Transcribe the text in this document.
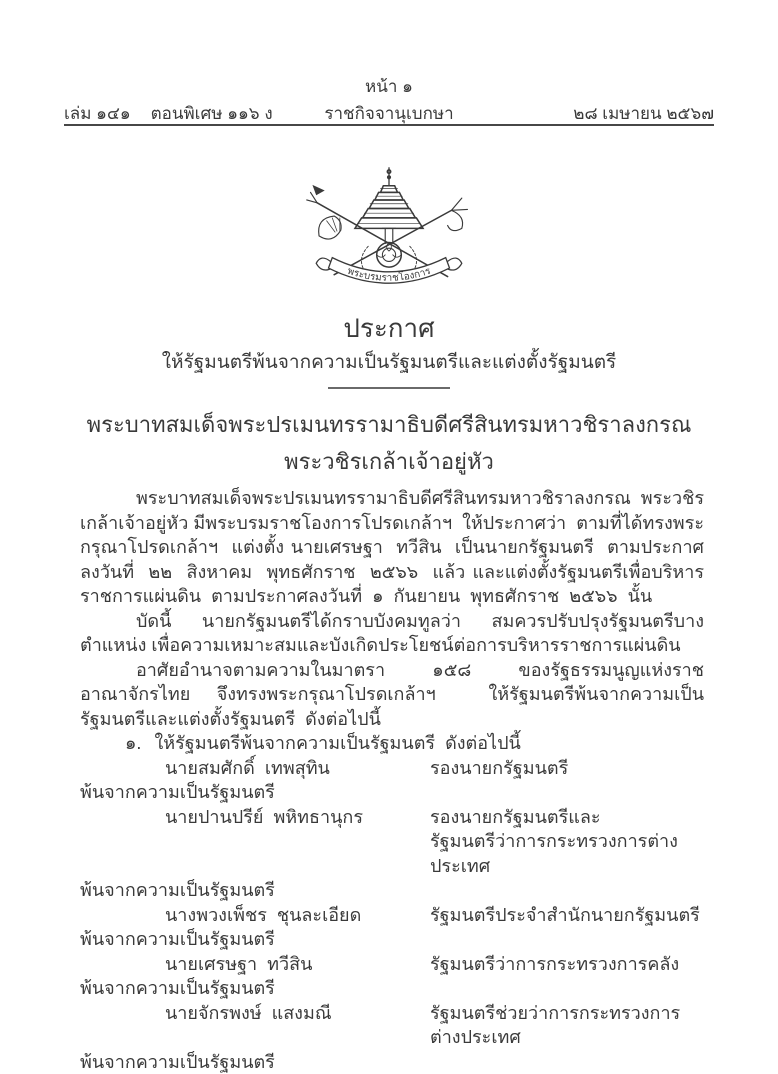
หน้า ๑
เล่ม ๑๔๑ ตอนพิเศษ ๑๑๖ ง	ราชกิจจานุเบกษา	๒๘ เมษายน ๒๕๖๗
พระบรมราชโองการ
ประกาศ
ให้รัฐมนตรีพ้นจากความเป็นรัฐมนตรีและแต่งตั้งรัฐมนตรี
พระบาทสมเด็จพระปรเมนทรรามาธิบดีศรีสินทรมหาวชิราลงกรณ
พระวชิรเกล้าเจ้าอยู่หัว

พระบาทสมเด็จพระปรเมนทรรามาธิบดีศรีสินทรมหาวชิราลงกรณ  พระวชิรเกล้าเจ้าอยู่หัว มีพระบรมราชโองการโปรดเกล้าฯ  ให้ประกาศว่า  ตามที่ได้ทรงพระกรุณาโปรดเกล้าฯ  แต่งตั้ง นายเศรษฐา  ทวีสิน  เป็นนายกรัฐมนตรี  ตามประกาศลงวันที่  ๒๒  สิงหาคม  พุทธศักราช  ๒๕๖๖  แล้ว และแต่งตั้งรัฐมนตรีเพื่อบริหารราชการแผ่นดิน  ตามประกาศลงวันที่  ๑  กันยายน  พุทธศักราช  ๒๕๖๖  นั้น

บัดนี้  นายกรัฐมนตรีได้กราบบังคมทูลว่า  สมควรปรับปรุงรัฐมนตรีบางตำแหน่ง เพื่อความเหมาะสมและบังเกิดประโยชน์ต่อการบริหารราชการแผ่นดิน

อาศัยอำนาจตามความในมาตรา  ๑๕๘  ของรัฐธรรมนูญแห่งราชอาณาจักรไทย จึงทรงพระกรุณาโปรดเกล้าฯ  ให้รัฐมนตรีพ้นจากความเป็นรัฐมนตรีและแต่งตั้งรัฐมนตรี  ดังต่อไปนี้

๑. ให้รัฐมนตรีพ้นจากความเป็นรัฐมนตรี  ดังต่อไปนี้

นายสมศักดิ์  เทพสุทิน	รองนายกรัฐมนตรี
พ้นจากความเป็นรัฐมนตรี
นายปานปรีย์  พหิทธานุกร	รองนายกรัฐมนตรีและ
รัฐมนตรีว่าการกระทรวงการต่างประเทศ
พ้นจากความเป็นรัฐมนตรี
นางพวงเพ็ชร  ชุนละเอียด	รัฐมนตรีประจำสำนักนายกรัฐมนตรี
พ้นจากความเป็นรัฐมนตรี
นายเศรษฐา  ทวีสิน	รัฐมนตรีว่าการกระทรวงการคลัง
พ้นจากความเป็นรัฐมนตรี
นายจักรพงษ์  แสงมณี	รัฐมนตรีช่วยว่าการกระทรวงการต่างประเทศ
พ้นจากความเป็นรัฐมนตรี
